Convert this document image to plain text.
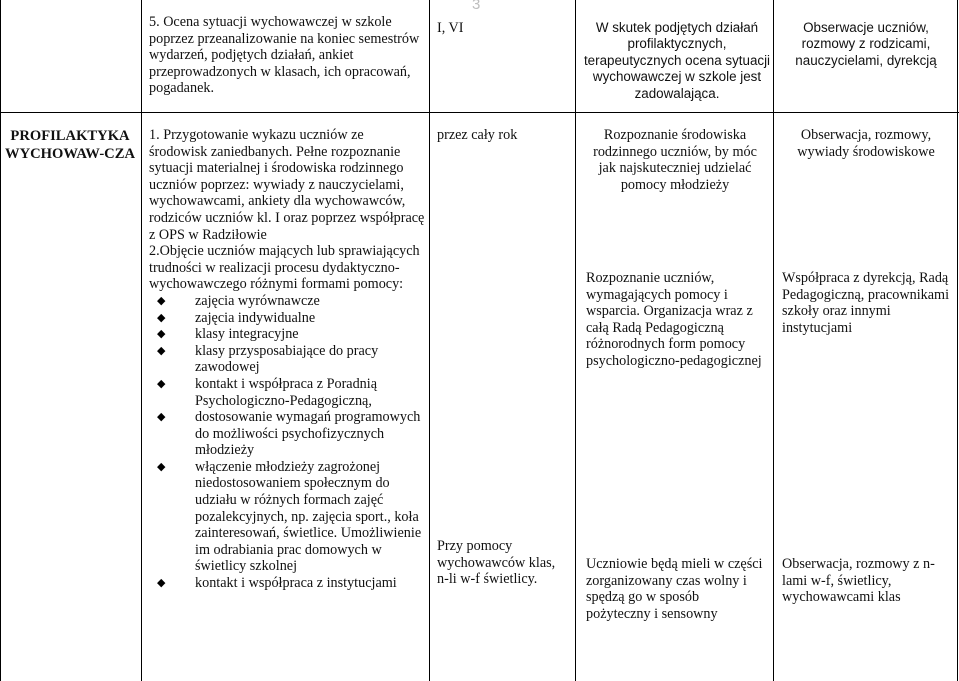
3
5. Ocena sytuacji wychowawczej w szkole poprzez przeanalizowanie na koniec semestrów wydarzeń, podjętych działań, ankiet przeprowadzonych w klasach, ich opracowań, pogadanek.
I, VI	W skutek podjętych działań profilaktycznych, terapeutycznych ocena sytuacji wychowawczej w szkole jest zadowalająca.
Obserwacje uczniów, rozmowy z rodzicami, nauczycielami, dyrekcją
PROFILAKTYKA WYCHOWAW-CZA

1. Przygotowanie wykazu uczniów ze środowisk zaniedbanych. Pełne rozpoznanie sytuacji materialnej i środowiska rodzinnego uczniów poprzez: wywiady z nauczycielami, wychowawcami, ankiety dla wychowawców, rodziców uczniów kl. I oraz poprzez współpracę z OPS w Radziłowie

2.Objęcie uczniów mających lub sprawiających trudności w realizacji procesu dydaktyczno-wychowawczego różnymi formami pomocy:

◆ zajęcia wyrównawcze
◆ zajęcia indywidualne
◆ klasy integracyjne
◆ klasy przysposabiające do pracy zawodowej
◆ kontakt i współpraca z Poradnią Psychologiczno-Pedagogiczną,
◆ dostosowanie wymagań programowych do możliwości psychofizycznych młodzieży
◆ włączenie młodzieży zagrożonej niedostosowaniem społecznym do udziału w różnych formach zajęć pozalekcyjnych, np. zajęcia sport., koła zainteresowań, świetlice. Umożliwienie im odrabiania prac domowych w świetlicy szkolnej
◆ kontakt i współpraca z instytucjami
przez cały rok
Przy pomocy wychowawców klas, n-li w-f świetlicy.
Rozpoznanie środowiska rodzinnego uczniów, by móc jak najskuteczniej udzielać pomocy młodzieży
Rozpoznanie uczniów, wymagających pomocy i wsparcia. Organizacja wraz z całą Radą Pedagogiczną różnorodnych form pomocy psychologiczno-pedagogicznej
Uczniowie będą mieli w części zorganizowany czas wolny i spędzą go w sposób pożyteczny i sensowny
Obserwacja, rozmowy, wywiady środowiskowe
Współpraca z dyrekcją, Radą Pedagogiczną, pracownikami szkoły oraz innymi instytucjami
Obserwacja, rozmowy z n-lami w-f, świetlicy, wychowawcami klas
